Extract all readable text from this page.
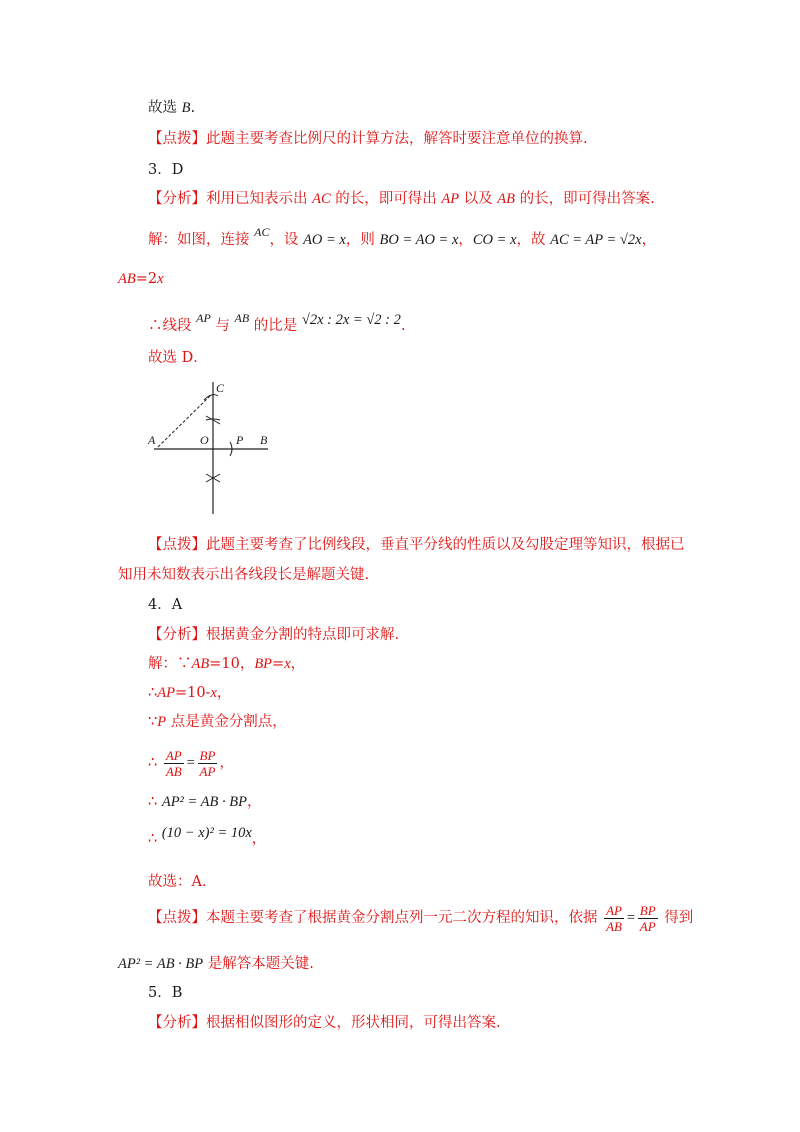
故选 B.
【点拨】此题主要考查比例尺的计算方法，解答时要注意单位的换算.
3．D
【分析】利用已知表示出 AC 的长，即可得出 AP 以及 AB 的长，即可得出答案.
解：如图，连接 $^{AC}$，设 AO = x，则 BO = AO = x，CO = x，故 AC = AP = √2x，
AB=2x
∴线段 $^{AP}$ 与 $^{AB}$ 的比是 √2x : 2x = √2 : 2.
故选 D．
A	O P B
C
【点拨】此题主要考查了比例线段，垂直平分线的性质以及勾股定理等知识，根据已
知用未知数表示出各线段长是解题关键.
4．A
【分析】根据黄金分割的特点即可求解.
解：∵AB=10，BP=x，
∴AP=10-x，
∵P 点是黄金分割点，
∴ $\frac{AP}{AB} = \frac{BP}{AP}$ ，
∴ AP² = AB · BP，
∴ (10 − x)² = 10x，
故选：A．
【点拨】本题主要考查了根据黄金分割点列一元二次方程的知识，依据 $\frac{AP}{AB} = \frac{BP}{AP}$ 得到
AP² = AB · BP 是解答本题关键.
5．B
【分析】根据相似图形的定义，形状相同，可得出答案.
